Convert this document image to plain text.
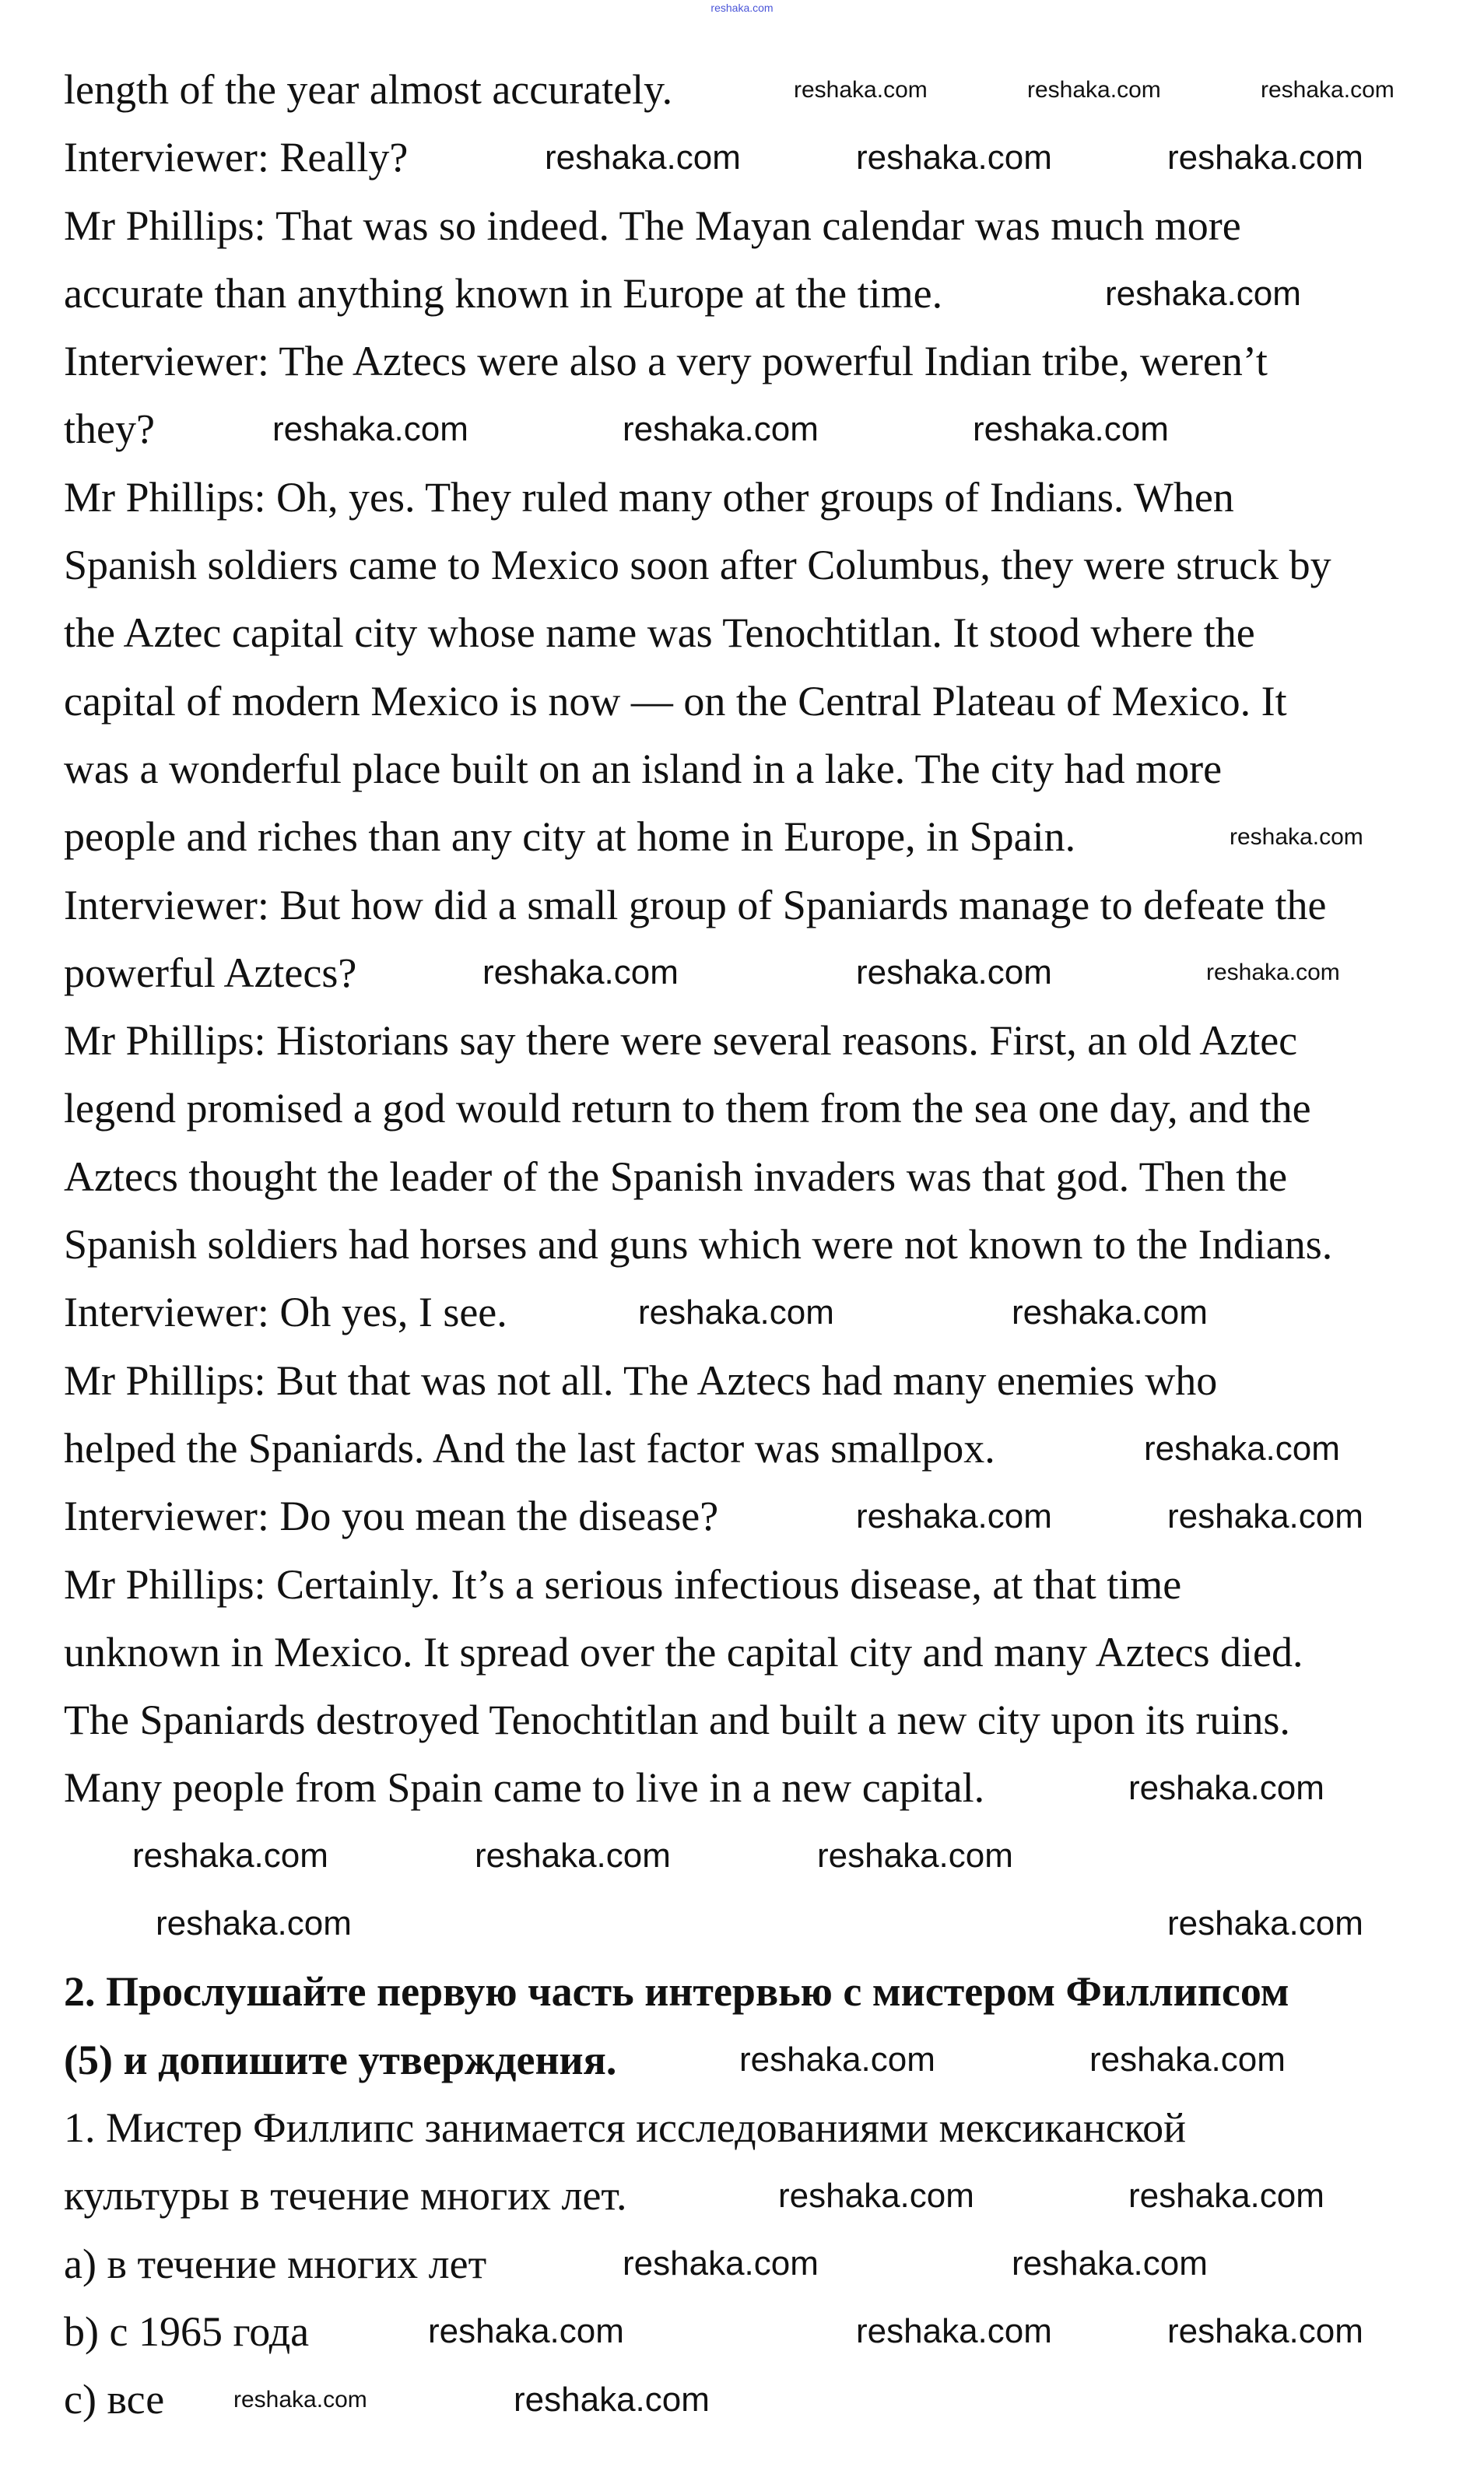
reshaka.com
length of the year almost accurately.
Interviewer: Really?
Mr Phillips: That was so indeed. The Mayan calendar was much more
accurate than anything known in Europe at the time.
Interviewer: The Aztecs were also a very powerful Indian tribe, weren’t
they?
Mr Phillips: Oh, yes. They ruled many other groups of Indians. When
Spanish soldiers came to Mexico soon after Columbus, they were struck by
the Aztec capital city whose name was Tenochtitlan. It stood where the
capital of modern Mexico is now — on the Central Plateau of Mexico. It
was a wonderful place built on an island in a lake. The city had more
people and riches than any city at home in Europe, in Spain.
Interviewer: But how did a small group of Spaniards manage to defeate the
powerful Aztecs?
Mr Phillips: Historians say there were several reasons. First, an old Aztec
legend promised a god would return to them from the sea one day, and the
Aztecs thought the leader of the Spanish invaders was that god. Then the
Spanish soldiers had horses and guns which were not known to the Indians.
Interviewer: Oh yes, I see.
Mr Phillips: But that was not all. The Aztecs had many enemies who
helped the Spaniards. And the last factor was smallpox.
Interviewer: Do you mean the disease?
Mr Phillips: Certainly. It’s a serious infectious disease, at that time
unknown in Mexico. It spread over the capital city and many Aztecs died.
The Spaniards destroyed Tenochtitlan and built a new city upon its ruins.
Many people from Spain came to live in a new capital.
2. Прослушайте первую часть интервью с мистером Филлипсом
(5) и допишите утверждения.
1. Мистер Филлипс занимается исследованиями мексиканской
культуры в течение многих лет.
a) в течение многих лет
b) с 1965 года
c) все
reshaka.com	reshaka.com	reshaka.com
reshaka.com	reshaka.com	reshaka.com
reshaka.com
reshaka.com	reshaka.com	reshaka.com
reshaka.com
reshaka.com	reshaka.com	reshaka.com
reshaka.com	reshaka.com
reshaka.com
reshaka.com	reshaka.com
reshaka.com
reshaka.com	reshaka.com	reshaka.com
reshaka.com	reshaka.com
reshaka.com	reshaka.com
reshaka.com	reshaka.com
reshaka.com	reshaka.com
reshaka.com	reshaka.com	reshaka.com
reshaka.com	reshaka.com
